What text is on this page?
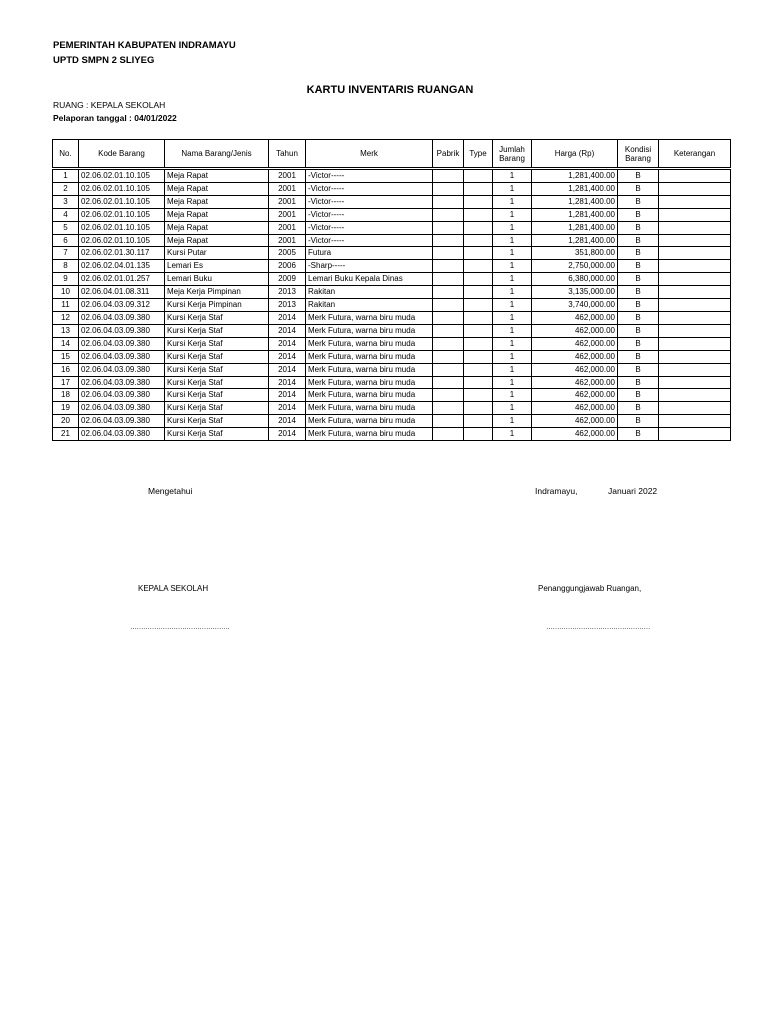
PEMERINTAH KABUPATEN INDRAMAYU
UPTD SMPN 2 SLIYEG
KARTU INVENTARIS RUANGAN
RUANG : KEPALA SEKOLAH
Pelaporan tanggal : 04/01/2022
No.	Kode Barang	Nama Barang/Jenis	Tahun	Merk	Pabrik	Type	Jumlah Barang	Harga (Rp)	Kondisi Barang	Keterangan
1	02.06.02.01.10.105	Meja Rapat	2001	-Victor-----			1	1,281,400.00	B	
2	02.06.02.01.10.105	Meja Rapat	2001	-Victor-----			1	1,281,400.00	B	
3	02.06.02.01.10.105	Meja Rapat	2001	-Victor-----			1	1,281,400.00	B	
4	02.06.02.01.10.105	Meja Rapat	2001	-Victor-----			1	1,281,400.00	B	
5	02.06.02.01.10.105	Meja Rapat	2001	-Victor-----			1	1,281,400.00	B	
6	02.06.02.01.10.105	Meja Rapat	2001	-Victor-----			1	1,281,400.00	B	
7	02.06.02.01.30.117	Kursi Putar	2005	Futura			1	351,800.00	B	
8	02.06.02.04.01.135	Lemari Es	2006	-Sharp-----			1	2,750,000.00	B	
9	02.06.02.01.01.257	Lemari Buku	2009	Lemari Buku Kepala Dinas			1	6,380,000.00	B	
10	02.06.04.01.08.311	Meja Kerja Pimpinan	2013	Rakitan			1	3,135,000.00	B	
11	02.06.04.03.09.312	Kursi Kerja Pimpinan	2013	Rakitan			1	3,740,000.00	B	
12	02.06.04.03.09.380	Kursi Kerja Staf	2014	Merk Futura, warna biru muda			1	462,000.00	B	
13	02.06.04.03.09.380	Kursi Kerja Staf	2014	Merk Futura, warna biru muda			1	462,000.00	B	
14	02.06.04.03.09.380	Kursi Kerja Staf	2014	Merk Futura, warna biru muda			1	462,000.00	B	
15	02.06.04.03.09.380	Kursi Kerja Staf	2014	Merk Futura, warna biru muda			1	462,000.00	B	
16	02.06.04.03.09.380	Kursi Kerja Staf	2014	Merk Futura, warna biru muda			1	462,000.00	B	
17	02.06.04.03.09.380	Kursi Kerja Staf	2014	Merk Futura, warna biru muda			1	462,000.00	B	
18	02.06.04.03.09.380	Kursi Kerja Staf	2014	Merk Futura, warna biru muda			1	462,000.00	B	
19	02.06.04.03.09.380	Kursi Kerja Staf	2014	Merk Futura, warna biru muda			1	462,000.00	B	
20	02.06.04.03.09.380	Kursi Kerja Staf	2014	Merk Futura, warna biru muda			1	462,000.00	B	
21	02.06.04.03.09.380	Kursi Kerja Staf	2014	Merk Futura, warna biru muda			1	462,000.00	B	
Mengetahui	Indramayu,	Januari 2022
KEPALA SEKOLAH	Penanggungjawab Ruangan,
……………………………………….	…………………………………………
